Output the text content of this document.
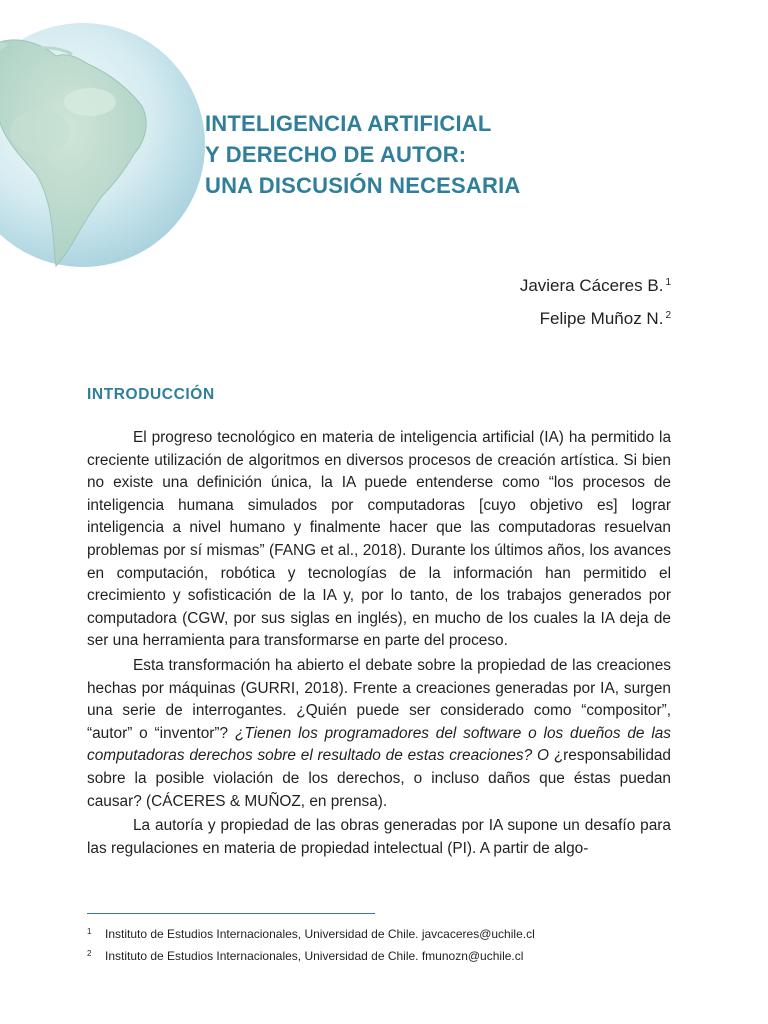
INTELIGENCIA ARTIFICIAL
Y DERECHO DE AUTOR:
UNA DISCUSIÓN NECESARIA
Javiera Cáceres B. $^1$
Felipe Muñoz N. $^2$
INTRODUCCIÓN

El progreso tecnológico en materia de inteligencia artificial (IA) ha permitido la creciente utilización de algoritmos en diversos procesos de creación artística. Si bien no existe una definición única, la IA puede entenderse como “los procesos de inteligencia humana simulados por computadoras [cuyo objetivo es] lograr inteligencia a nivel humano y finalmente hacer que las computadoras resuelvan problemas por sí mismas” (FANG et al., 2018). Durante los últimos años, los avances en computación, robótica y tecnologías de la información han permitido el crecimiento y sofisticación de la IA y, por lo tanto, de los trabajos generados por computadora (CGW, por sus siglas en inglés), en mucho de los cuales la IA deja de ser una herramienta para transformarse en parte del proceso.

Esta transformación ha abierto el debate sobre la propiedad de las creaciones hechas por máquinas (GURRI, 2018). Frente a creaciones generadas por IA, surgen una serie de interrogantes. ¿Quién puede ser considerado como “compositor”, “autor” o “inventor”? ¿Tienen los programadores del software o los dueños de las computadoras derechos sobre el resultado de estas creaciones? O ¿responsabilidad sobre la posible violación de los derechos, o incluso daños que éstas puedan causar? (CÁCERES & MUÑOZ, en prensa).

La autoría y propiedad de las obras generadas por IA supone un desafío para las regulaciones en materia de propiedad intelectual (PI). A partir de algo-

$^1$ Instituto de Estudios Internacionales, Universidad de Chile. javcaceres@uchile.cl
$^2$ Instituto de Estudios Internacionales, Universidad de Chile. fmunozn@uchile.cl
